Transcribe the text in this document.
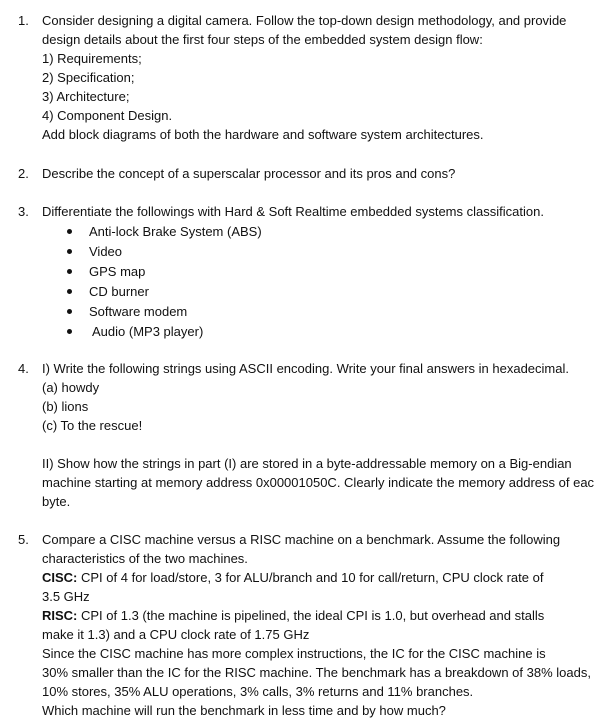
1. Consider designing a digital camera. Follow the top-down design methodology, and provide
design details about the first four steps of the embedded system design flow:
1) Requirements;
2) Specification;
3) Architecture;
4) Component Design.
Add block diagrams of both the hardware and software system architectures.
2. Describe the concept of a superscalar processor and its pros and cons?
3. Differentiate the followings with Hard & Soft Realtime embedded systems classification.
Anti-lock Brake System (ABS)
Video
GPS map
CD burner
Software modem
Audio (MP3 player)
4. I) Write the following strings using ASCII encoding. Write your final answers in hexadecimal.
(a) howdy
(b) lions
(c) To the rescue!
II) Show how the strings in part (I) are stored in a byte-addressable memory on a Big-endian
machine starting at memory address 0x00001050C. Clearly indicate the memory address of eac
byte.
5. Compare a CISC machine versus a RISC machine on a benchmark. Assume the following
characteristics of the two machines.
CISC: CPI of 4 for load/store, 3 for ALU/branch and 10 for call/return, CPU clock rate of
3.5 GHz
RISC: CPI of 1.3 (the machine is pipelined, the ideal CPI is 1.0, but overhead and stalls
make it 1.3) and a CPU clock rate of 1.75 GHz
Since the CISC machine has more complex instructions, the IC for the CISC machine is
30% smaller than the IC for the RISC machine. The benchmark has a breakdown of 38% loads,
10% stores, 35% ALU operations, 3% calls, 3% returns and 11% branches.
Which machine will run the benchmark in less time and by how much?
